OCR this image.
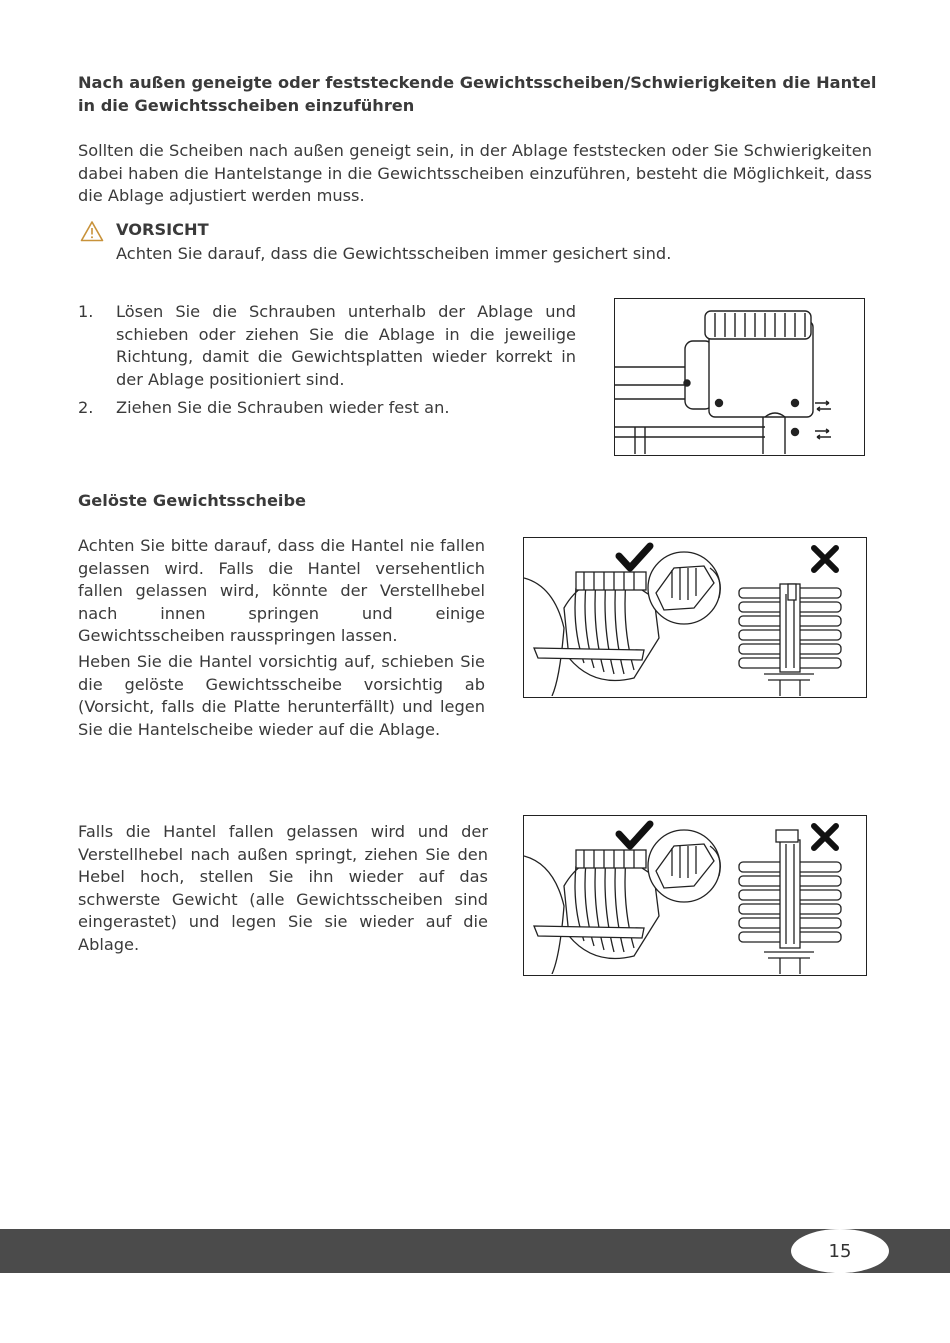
Nach außen geneigte oder feststeckende Gewichtsscheiben/Schwierigkeiten die Hantel in die Gewichtsscheiben einzuführen
Sollten die Scheiben nach außen geneigt sein, in der Ablage feststecken oder Sie Schwierigkeiten dabei haben die Hantelstange in die Gewichtsscheiben einzuführen, besteht die Möglichkeit, dass die Ablage adjustiert werden muss.
VORSICHT
Achten Sie darauf, dass die Gewichtsscheiben immer gesichert sind.
1. Lösen Sie die Schrauben unterhalb der Ablage und schieben oder ziehen Sie die Ablage in die jeweilige Richtung, damit die Gewichtsplatten wieder korrekt in der Ablage positioniert sind.
2. Ziehen Sie die Schrauben wieder fest an.
Gelöste Gewichtsscheibe
Achten Sie bitte darauf, dass die Hantel nie fallen gelassen wird. Falls die Hantel versehentlich fallen gelassen wird, könnte der Verstellhebel nach innen springen und einige Gewichtsscheiben rausspringen lassen.
Heben Sie die Hantel vorsichtig auf, schieben Sie die gelöste Gewichtsscheibe vorsichtig ab (Vorsicht, falls die Platte herunterfällt) und legen Sie die Hantelscheibe wieder auf die Ablage.
Falls die Hantel fallen gelassen wird und der Verstellhebel nach außen springt, ziehen Sie den Hebel hoch, stellen Sie ihn wieder auf das schwerste Gewicht (alle Gewichtsscheiben sind eingerastet) und legen Sie sie wieder auf die Ablage.
15
